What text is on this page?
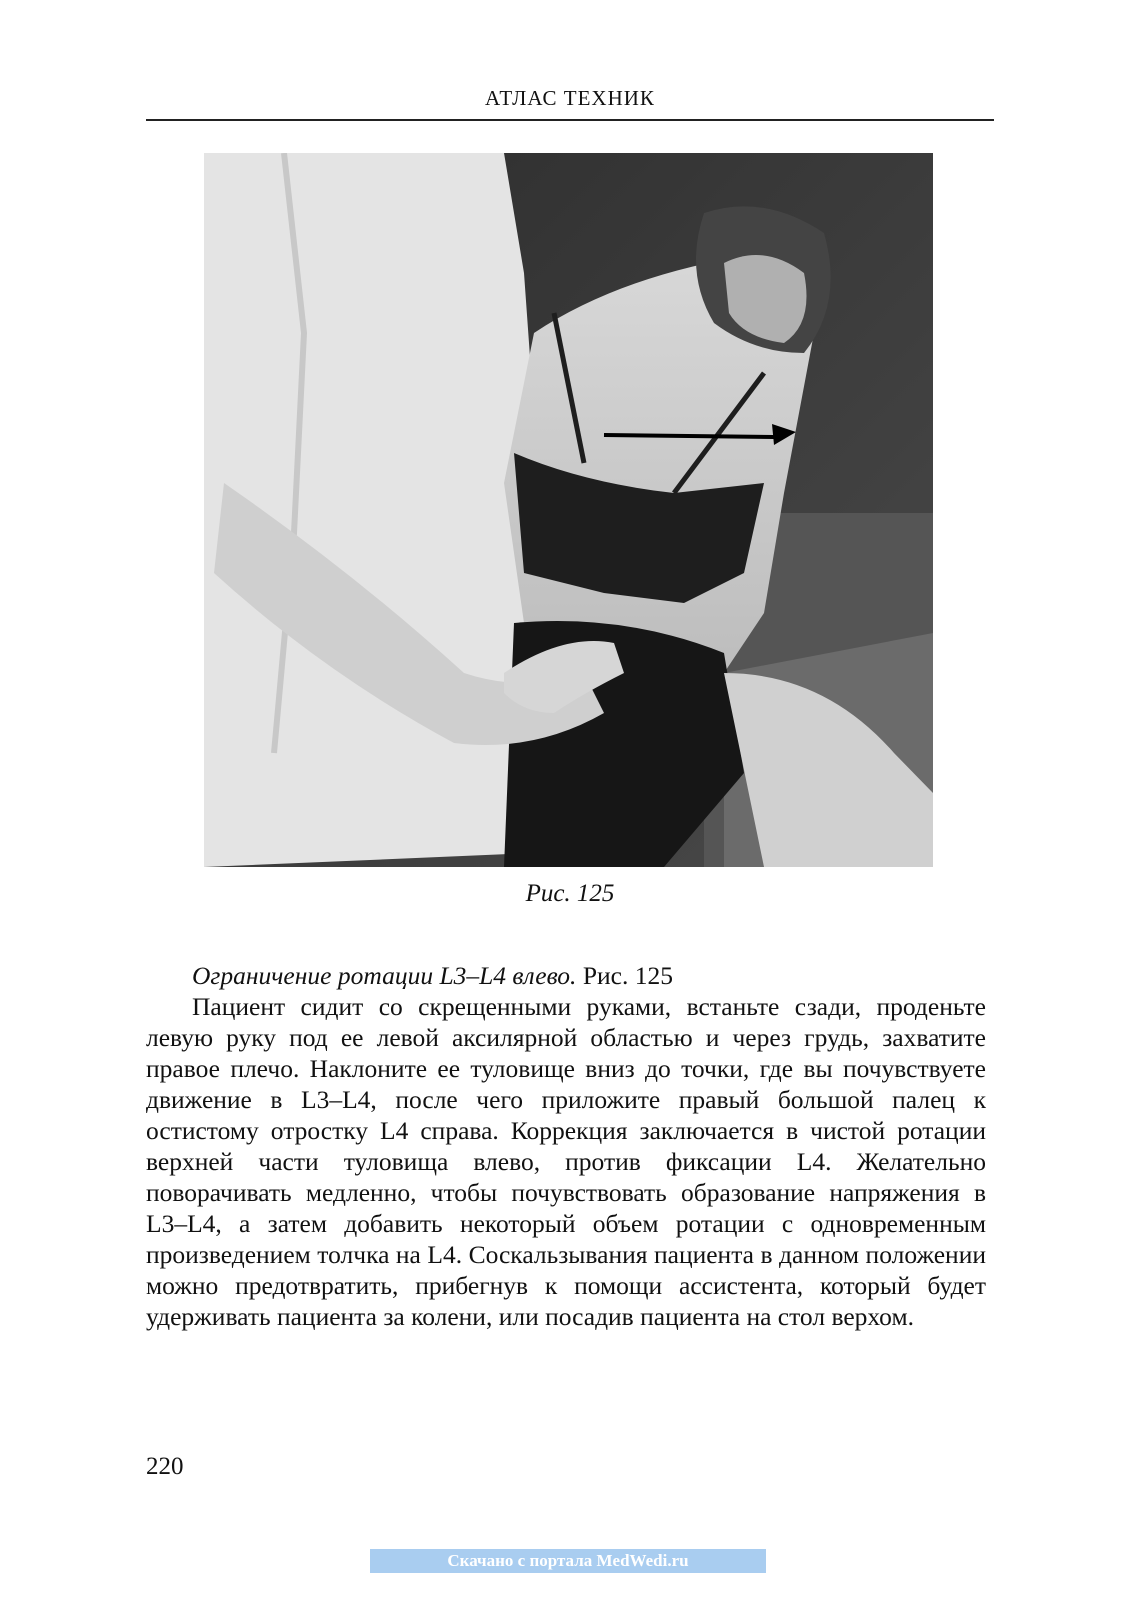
АТЛАС ТЕХНИК
Рис. 125

Ограничение ротации L3–L4 влево. Рис. 125

Пациент сидит со скрещенными руками, встаньте сзади, проденьте левую руку под ее левой аксилярной областью и через грудь, захватите правое плечо. Наклоните ее туловище вниз до точки, где вы почувствуете движение в L3–L4, после чего приложите правый большой палец к остистому отростку L4 справа. Коррекция заключается в чистой ротации верхней части туловища влево, против фиксации L4. Желательно поворачивать медленно, чтобы почувствовать образование напряжения в L3–L4, а затем добавить некоторый объем ротации с одновременным произведением толчка на L4. Соскальзывания пациента в данном положении можно предотвратить, прибегнув к помощи ассистента, который будет удерживать пациента за колени, или посадив пациента на стол верхом.

220
Скачано с портала MedWedi.ru
